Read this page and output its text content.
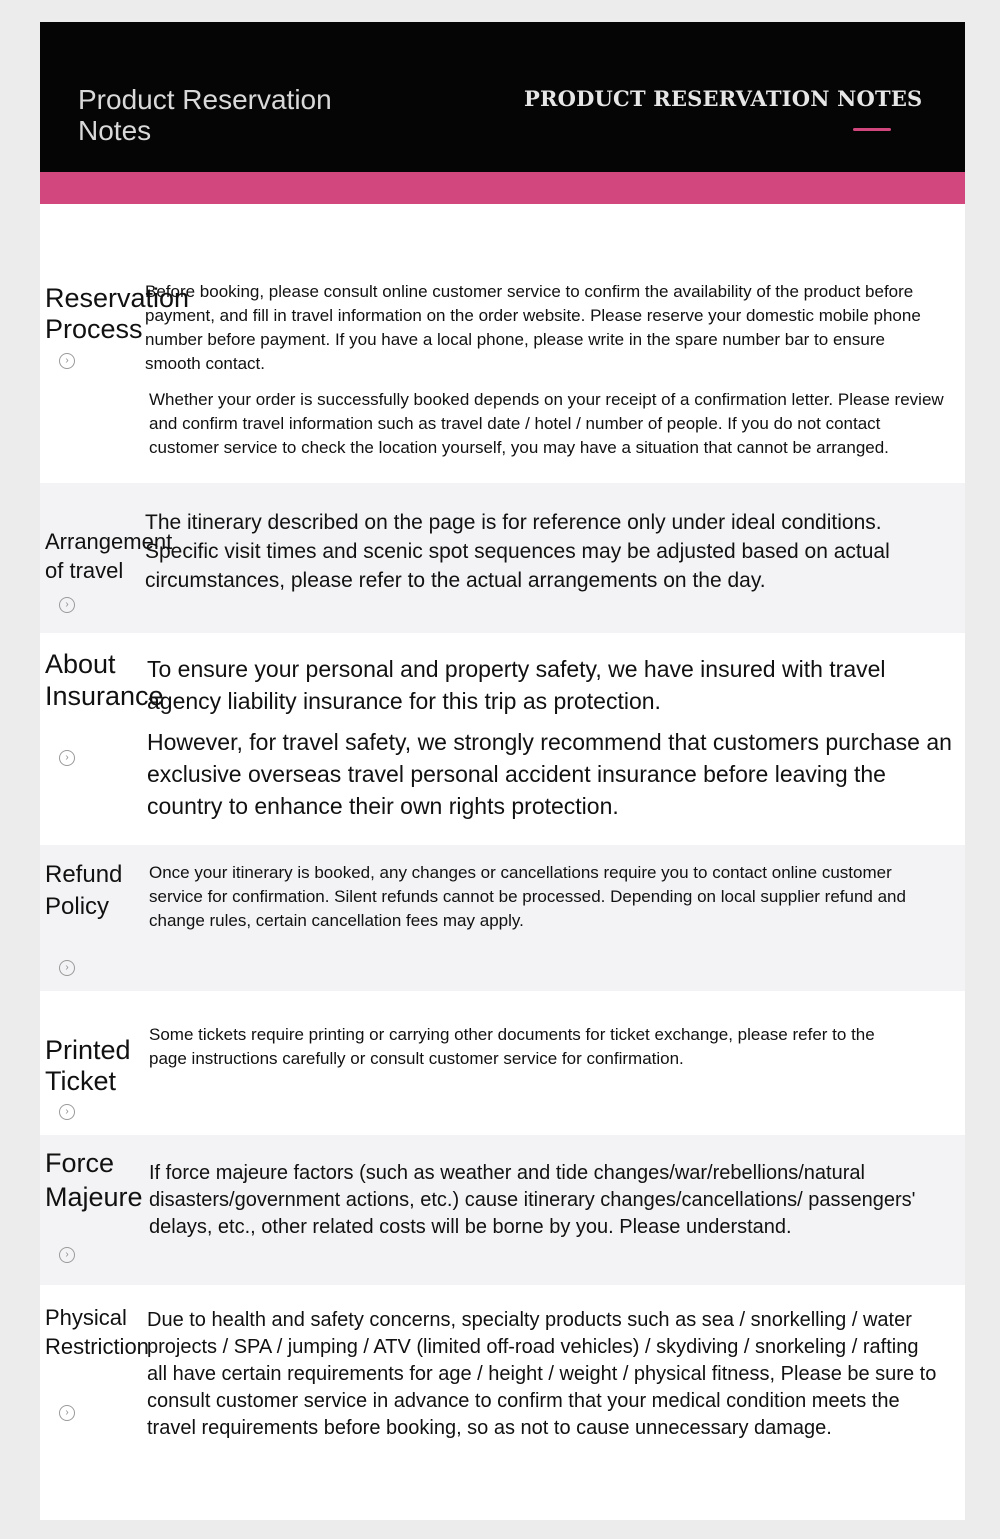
Product Reservation Notes
PRODUCT RESERVATION NOTES
Reservation
Process
›

Before booking, please consult online customer service to confirm the availability of the product before payment, and fill in travel information on the order website. Please reserve your domestic mobile phone number before payment. If you have a local phone, please write in the spare number bar to ensure smooth contact.

Whether your order is successfully booked depends on your receipt of a confirmation letter. Please review and confirm travel information such as travel date / hotel / number of people. If you do not contact customer service to check the location yourself, you may have a situation that cannot be arranged.

Arrangement
of travel
›

The itinerary described on the page is for reference only under ideal conditions. Specific visit times and scenic spot sequences may be adjusted based on actual circumstances, please refer to the actual arrangements on the day.

About
Insurance
›

To ensure your personal and property safety, we have insured with travel agency liability insurance for this trip as protection.

However, for travel safety, we strongly recommend that customers purchase an exclusive overseas travel personal accident insurance before leaving the country to enhance their own rights protection.

Refund
Policy
›

Once your itinerary is booked, any changes or cancellations require you to contact online customer service for confirmation. Silent refunds cannot be processed. Depending on local supplier refund and change rules, certain cancellation fees may apply.

Printed
Ticket
›

Some tickets require printing or carrying other documents for ticket exchange, please refer to the page instructions carefully or consult customer service for confirmation.

Force
Majeure
›

If force majeure factors (such as weather and tide changes/war/rebellions/natural disasters/government actions, etc.) cause itinerary changes/cancellations/ passengers' delays, etc., other related costs will be borne by you. Please understand.

Physical
Restriction
›

Due to health and safety concerns, specialty products such as sea / snorkelling / water projects / SPA / jumping / ATV (limited off-road vehicles) / skydiving / snorkeling / rafting all have certain requirements for age / height / weight / physical fitness, Please be sure to consult customer service in advance to confirm that your medical condition meets the travel requirements before booking, so as not to cause unnecessary damage.
